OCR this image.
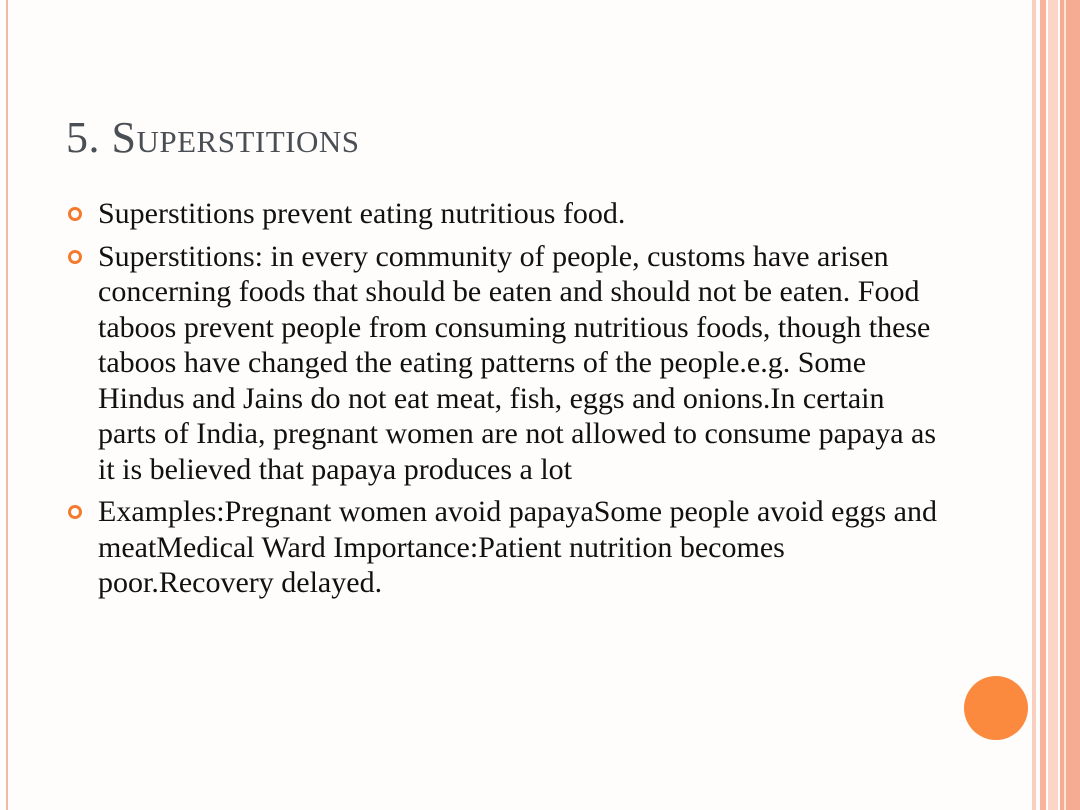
5. Superstitions
Superstitions prevent eating nutritious food.
Superstitions: in every community of people, customs have arisen concerning foods that should be eaten and should not be eaten. Food taboos prevent people from consuming nutritious foods, though these taboos have changed the eating patterns of the people.e.g. Some Hindus and Jains do not eat meat, fish, eggs and onions.In certain parts of India, pregnant women are not allowed to consume papaya as it is believed that papaya produces a lot
Examples:Pregnant women avoid papayaSome people avoid eggs and meatMedical Ward Importance:Patient nutrition becomes poor.Recovery delayed.
